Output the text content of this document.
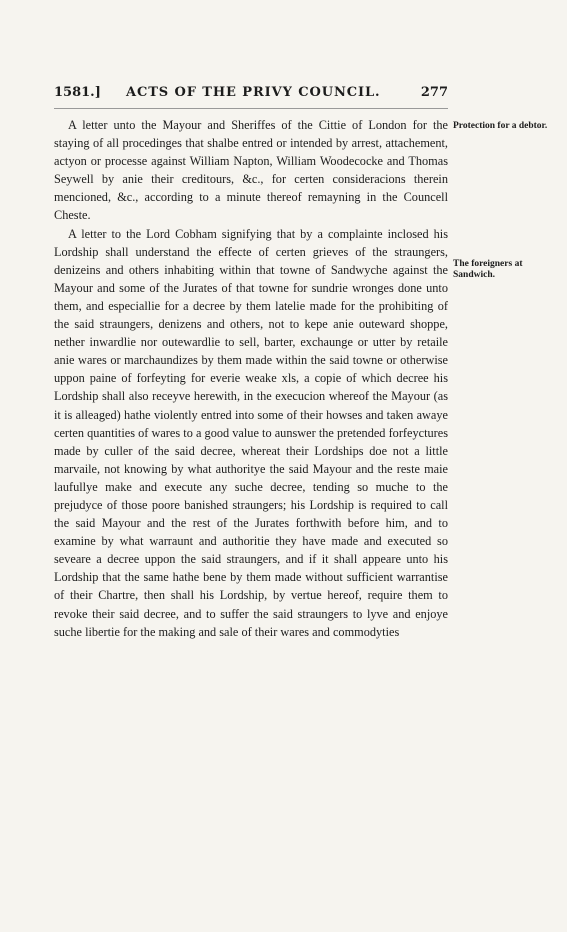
1581.] ACTS OF THE PRIVY COUNCIL.	277

A letter unto the Mayour and Sheriffes of the Cittie of London for the staying of all procedinges that shalbe entred or intended by arrest, attachement, actyon or processe against William Napton, William Woodecocke and Thomas Seywell by anie their creditours, &c., for certen consideracions therein mencioned, &c., according to a minute thereof remayning in the Councell Cheste.

A letter to the Lord Cobham signifying that by a complainte inclosed his Lordship shall understand the effecte of certen grieves of the straungers, denizeins and others inhabiting within that towne of Sandwyche against the Mayour and some of the Jurates of that towne for sundrie wronges done unto them, and especiallie for a decree by them latelie made for the prohibiting of the said straungers, denizens and others, not to kepe anie outeward shoppe, nether inwardlie nor outewardlie to sell, barter, exchaunge or utter by retaile anie wares or marchaundizes by them made within the said towne or otherwise uppon paine of forfeyting for everie weake xls, a copie of which decree his Lordship shall also receyve herewith, in the execucion whereof the Mayour (as it is alleaged) hathe violently entred into some of their howses and taken awaye certen quantities of wares to a good value to aunswer the pretended forfeyctures made by culler of the said decree, whereat their Lordships doe not a little marvaile, not knowing by what authoritye the said Mayour and the reste maie laufullye make and execute any suche decree, tending so muche to the prejudyce of those poore banished straungers; his Lordship is required to call the said Mayour and the rest of the Jurates forthwith before him, and to examine by what warraunt and authoritie they have made and executed so seveare a decree uppon the said straungers, and if it shall appeare unto his Lordship that the same hathe bene by them made without sufficient warrantise of their Chartre, then shall his Lordship, by vertue hereof, require them to revoke their said decree, and to suffer the said straungers to lyve and enjoye suche libertie for the making and sale of their wares and commodyties

Protection for a debtor.
The foreigners at Sandwich.
